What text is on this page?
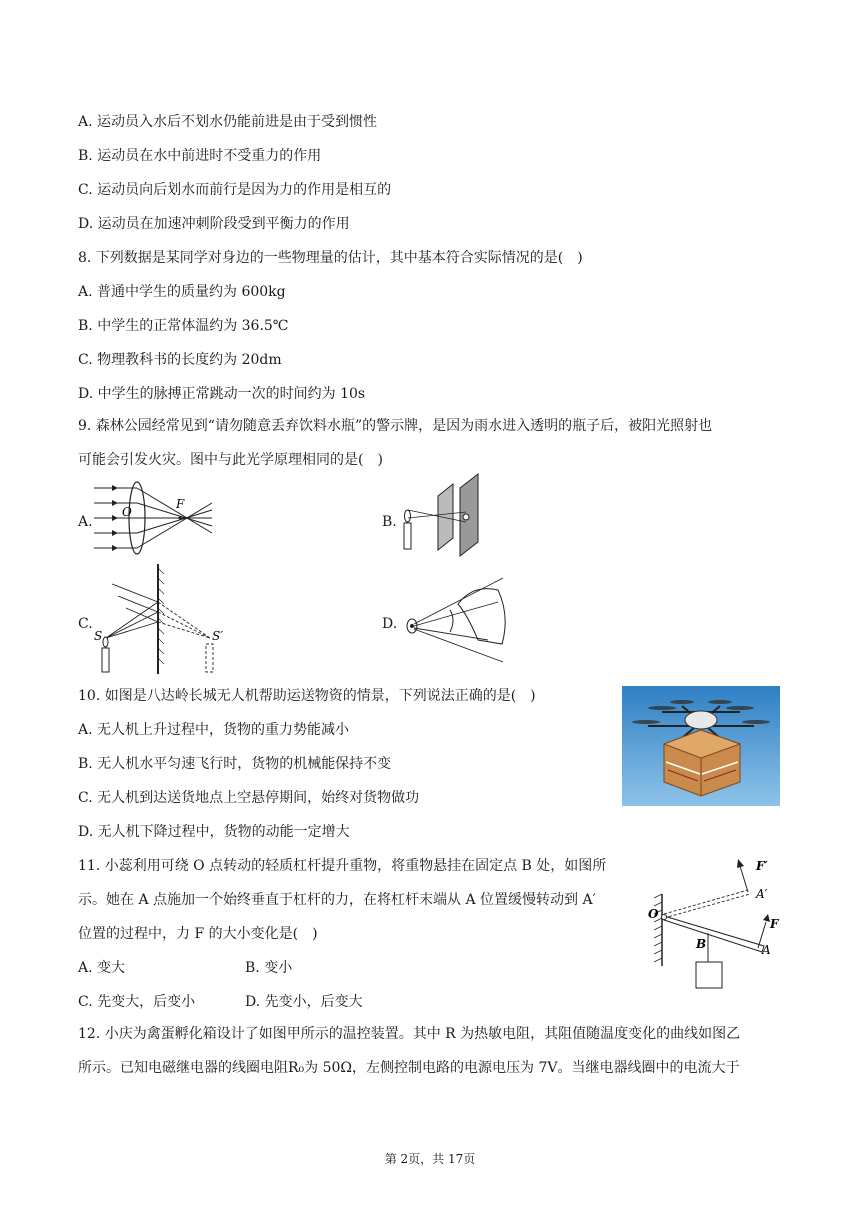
A. 运动员入水后不划水仍能前进是由于受到惯性
B. 运动员在水中前进时不受重力的作用
C. 运动员向后划水而前行是因为力的作用是相互的
D. 运动员在加速冲刺阶段受到平衡力的作用
8. 下列数据是某同学对身边的一些物理量的估计，其中基本符合实际情况的是(　)
A. 普通中学生的质量约为 600kg
B. 中学生的正常体温约为 36.5℃
C. 物理教科书的长度约为 20dm
D. 中学生的脉搏正常跳动一次的时间约为 10s
9. 森林公园经常见到“请勿随意丢弃饮料水瓶”的警示牌，是因为雨水进入透明的瓶子后，被阳光照射也
可能会引发火灾。图中与此光学原理相同的是(　)
A.	B.
C.	D.
O
F
S	S′
10. 如图是八达岭长城无人机帮助运送物资的情景，下列说法正确的是(　)
A. 无人机上升过程中，货物的重力势能减小
B. 无人机水平匀速飞行时，货物的机械能保持不变
C. 无人机到达送货地点上空悬停期间，始终对货物做功
D. 无人机下降过程中，货物的动能一定增大
11. 小蕊利用可绕 O 点转动的轻质杠杆提升重物，将重物悬挂在固定点 B 处，如图所
示。她在 A 点施加一个始终垂直于杠杆的力，在将杠杆末端从 A 位置缓慢转动到 A′
位置的过程中，力 F 的大小变化是(　)
A. 变大	B. 变小
C. 先变大，后变小	D. 先变小，后变大
O
B	A
A′
F
F′
12. 小庆为禽蛋孵化箱设计了如图甲所示的温控装置。其中 R 为热敏电阻，其阻值随温度变化的曲线如图乙
所示。已知电磁继电器的线圈电阻R₀为 50Ω，左侧控制电路的电源电压为 7V。当继电器线圈中的电流大于
第 2页，共 17页
